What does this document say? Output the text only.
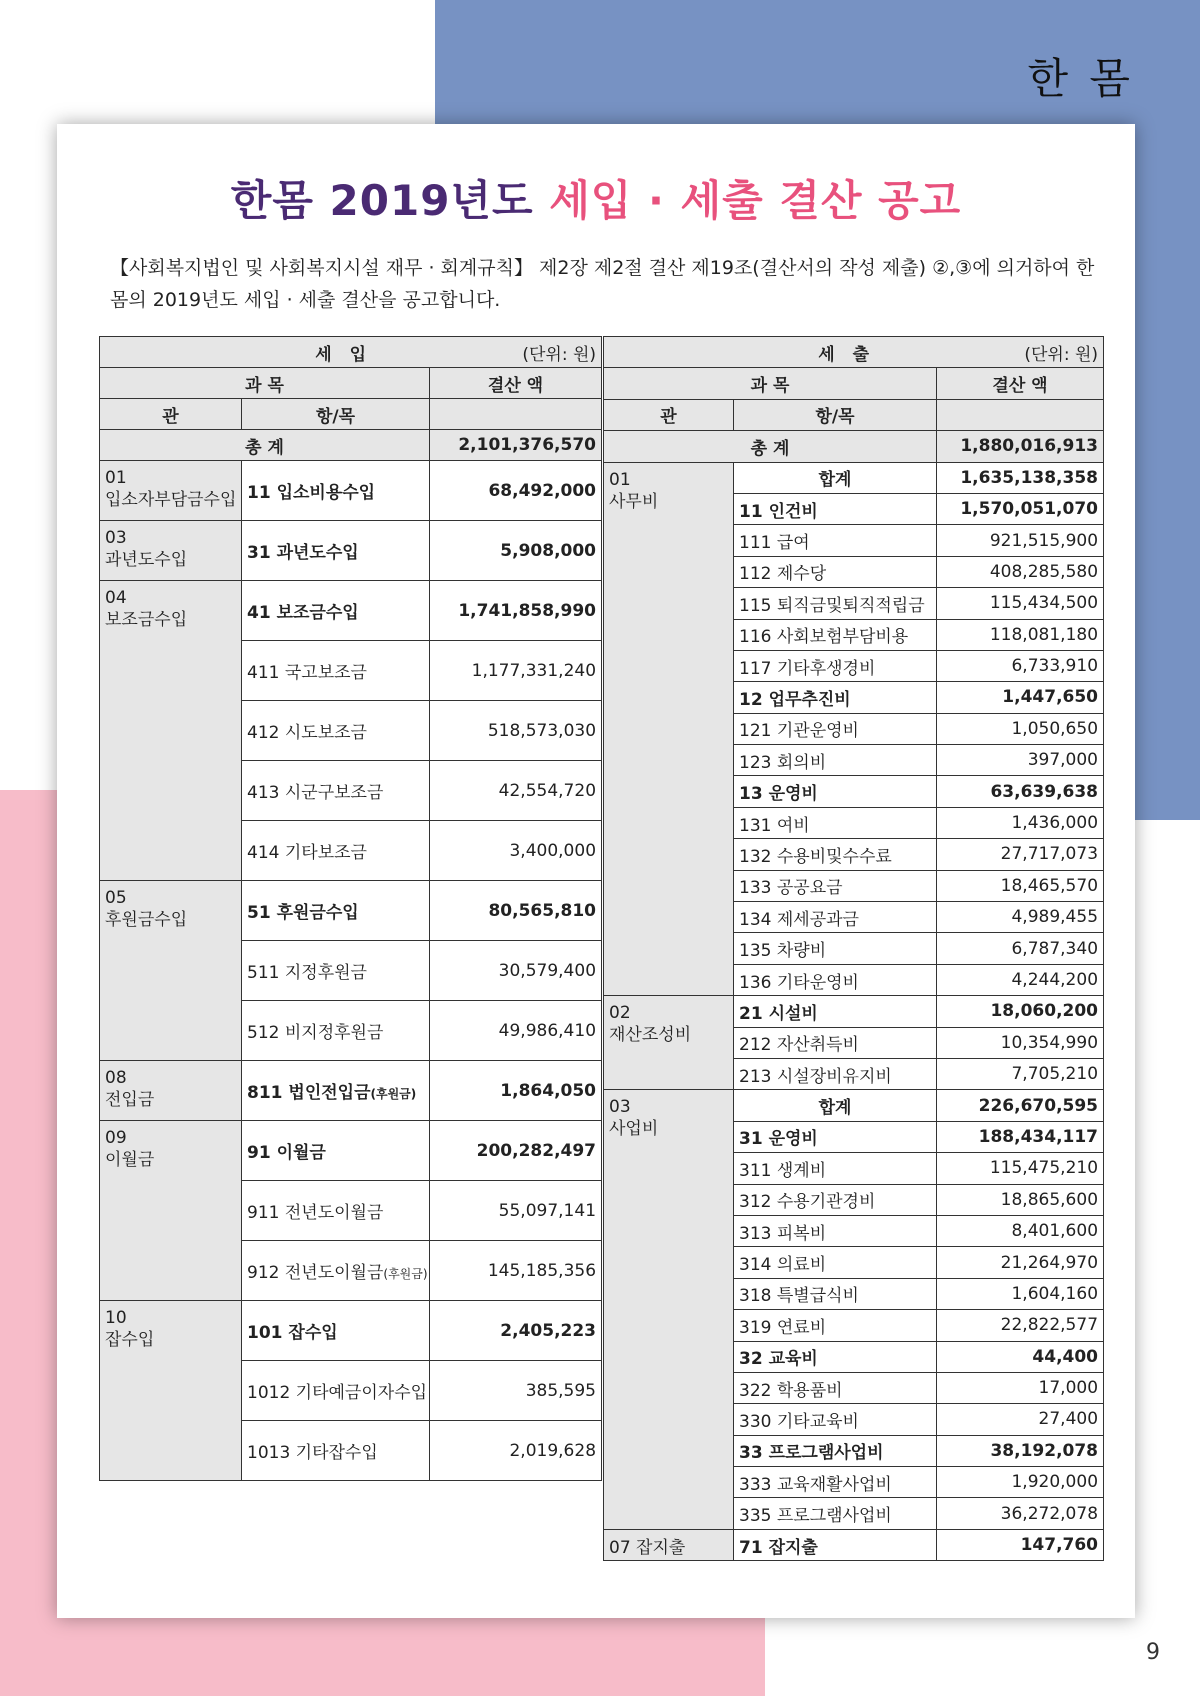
한 몸
한몸 2019년도 세입 · 세출 결산 공고
【사회복지법인 및 사회복지시설 재무 · 회계규칙】 제2장 제2절 결산 제19조(결산서의 작성 제출) ②,③에 의거하여 한몸의 2019년도 세입 · 세출 결산을 공고합니다.
세 입 (단위: 원)		

과 목		결산 액
관	항/목	
총 계		2,101,376,570

01
입소자부담금수입	11 입소비용수입	68,492,000

03
과년도수입	31 과년도수입	5,908,000

04
보조금수입	41 보조금수입	1,741,858,990
	411 국고보조금	1,177,331,240
	412 시도보조금	518,573,030
	413 시군구보조금	42,554,720
	414 기타보조금	3,400,000

05
후원금수입	51 후원금수입	80,565,810
	511 지정후원금	30,579,400
	512 비지정후원금	49,986,410

08
전입금	811 법인전입금(후원금)	1,864,050

09
이월금	91 이월금	200,282,497
	911 전년도이월금	55,097,141
	912 전년도이월금(후원금)	145,185,356

10
잡수입	101 잡수입	2,405,223
	1012 기타예금이자수입	385,595
	1013 기타잡수입	2,019,628
세 출 (단위: 원)		

과 목		결산 액
관	항/목	
총 계		1,880,016,913

01
사무비	합계	1,635,138,358
	11 인건비	1,570,051,070
	111 급여	921,515,900
	112 제수당	408,285,580
	115 퇴직금및퇴직적립금	115,434,500
	116 사회보험부담비용	118,081,180
	117 기타후생경비	6,733,910
	12 업무추진비	1,447,650
	121 기관운영비	1,050,650
	123 회의비	397,000
	13 운영비	63,639,638
	131 여비	1,436,000
	132 수용비및수수료	27,717,073
	133 공공요금	18,465,570
	134 제세공과금	4,989,455
	135 차량비	6,787,340
	136 기타운영비	4,244,200

02
재산조성비	21 시설비	18,060,200
	212 자산취득비	10,354,990
	213 시설장비유지비	7,705,210

03
사업비	합계	226,670,595
	31 운영비	188,434,117
	311 생계비	115,475,210
	312 수용기관경비	18,865,600
	313 피복비	8,401,600
	314 의료비	21,264,970
	318 특별급식비	1,604,160
	319 연료비	22,822,577
	32 교육비	44,400
	322 학용품비	17,000
	330 기타교육비	27,400
	33 프로그램사업비	38,192,078
	333 교육재활사업비	1,920,000
	335 프로그램사업비	36,272,078
07 잡지출	71 잡지출	147,760
9
